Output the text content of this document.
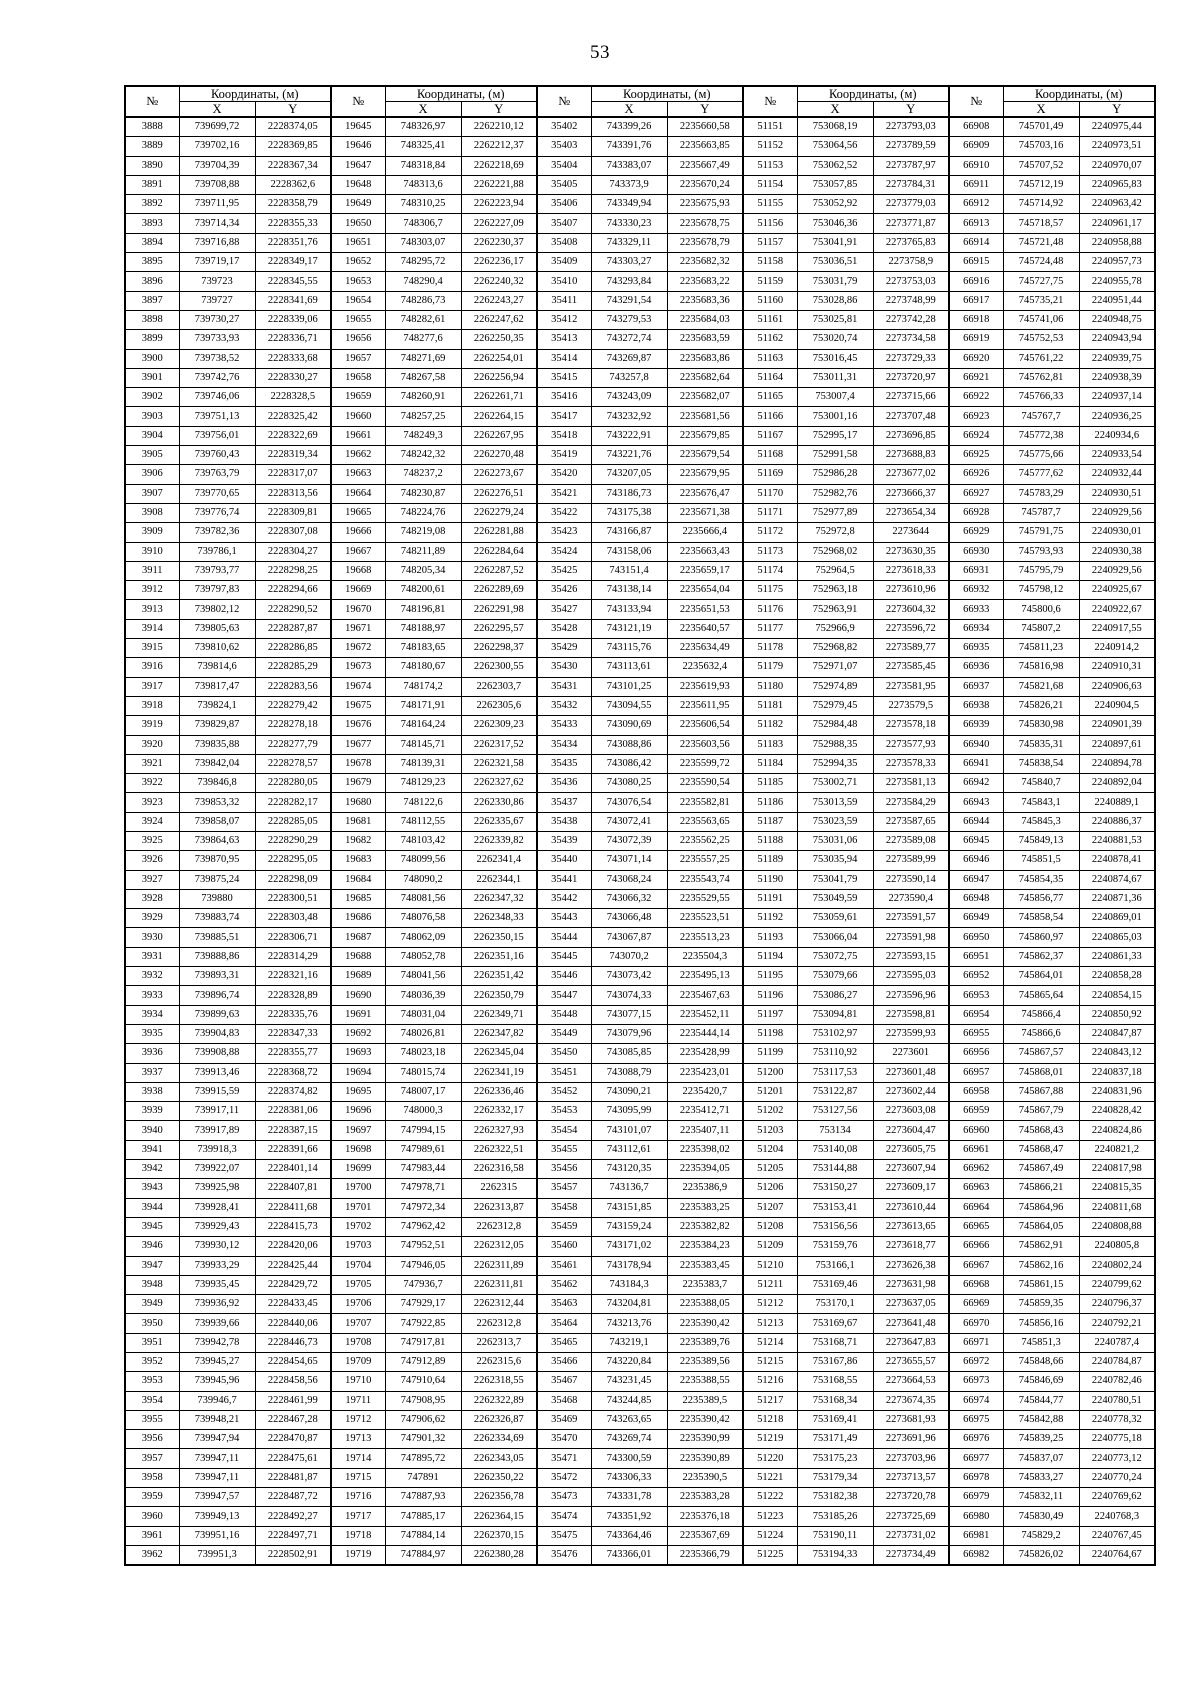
53
№	Координаты, (м)		№	Координаты, (м)		№	Координаты, (м)		№	Координаты, (м)		№	Координаты, (м)	
	X	Y		X	Y		X	Y		X	Y		X	Y
3888	739699,72	2228374,05	19645	748326,97	2262210,12	35402	743399,26	2235660,58	51151	753068,19	2273793,03	66908	745701,49	2240975,44
3889	739702,16	2228369,85	19646	748325,41	2262212,37	35403	743391,76	2235663,85	51152	753064,56	2273789,59	66909	745703,16	2240973,51
3890	739704,39	2228367,34	19647	748318,84	2262218,69	35404	743383,07	2235667,49	51153	753062,52	2273787,97	66910	745707,52	2240970,07
3891	739708,88	2228362,6	19648	748313,6	2262221,88	35405	743373,9	2235670,24	51154	753057,85	2273784,31	66911	745712,19	2240965,83
3892	739711,95	2228358,79	19649	748310,25	2262223,94	35406	743349,94	2235675,93	51155	753052,92	2273779,03	66912	745714,92	2240963,42
3893	739714,34	2228355,33	19650	748306,7	2262227,09	35407	743330,23	2235678,75	51156	753046,36	2273771,87	66913	745718,57	2240961,17
3894	739716,88	2228351,76	19651	748303,07	2262230,37	35408	743329,11	2235678,79	51157	753041,91	2273765,83	66914	745721,48	2240958,88
3895	739719,17	2228349,17	19652	748295,72	2262236,17	35409	743303,27	2235682,32	51158	753036,51	2273758,9	66915	745724,48	2240957,73
3896	739723	2228345,55	19653	748290,4	2262240,32	35410	743293,84	2235683,22	51159	753031,79	2273753,03	66916	745727,75	2240955,78
3897	739727	2228341,69	19654	748286,73	2262243,27	35411	743291,54	2235683,36	51160	753028,86	2273748,99	66917	745735,21	2240951,44
3898	739730,27	2228339,06	19655	748282,61	2262247,62	35412	743279,53	2235684,03	51161	753025,81	2273742,28	66918	745741,06	2240948,75
3899	739733,93	2228336,71	19656	748277,6	2262250,35	35413	743272,74	2235683,59	51162	753020,74	2273734,58	66919	745752,53	2240943,94
3900	739738,52	2228333,68	19657	748271,69	2262254,01	35414	743269,87	2235683,86	51163	753016,45	2273729,33	66920	745761,22	2240939,75
3901	739742,76	2228330,27	19658	748267,58	2262256,94	35415	743257,8	2235682,64	51164	753011,31	2273720,97	66921	745762,81	2240938,39
3902	739746,06	2228328,5	19659	748260,91	2262261,71	35416	743243,09	2235682,07	51165	753007,4	2273715,66	66922	745766,33	2240937,14
3903	739751,13	2228325,42	19660	748257,25	2262264,15	35417	743232,92	2235681,56	51166	753001,16	2273707,48	66923	745767,7	2240936,25
3904	739756,01	2228322,69	19661	748249,3	2262267,95	35418	743222,91	2235679,85	51167	752995,17	2273696,85	66924	745772,38	2240934,6
3905	739760,43	2228319,34	19662	748242,32	2262270,48	35419	743221,76	2235679,54	51168	752991,58	2273688,83	66925	745775,66	2240933,54
3906	739763,79	2228317,07	19663	748237,2	2262273,67	35420	743207,05	2235679,95	51169	752986,28	2273677,02	66926	745777,62	2240932,44
3907	739770,65	2228313,56	19664	748230,87	2262276,51	35421	743186,73	2235676,47	51170	752982,76	2273666,37	66927	745783,29	2240930,51
3908	739776,74	2228309,81	19665	748224,76	2262279,24	35422	743175,38	2235671,38	51171	752977,89	2273654,34	66928	745787,7	2240929,56
3909	739782,36	2228307,08	19666	748219,08	2262281,88	35423	743166,87	2235666,4	51172	752972,8	2273644	66929	745791,75	2240930,01
3910	739786,1	2228304,27	19667	748211,89	2262284,64	35424	743158,06	2235663,43	51173	752968,02	2273630,35	66930	745793,93	2240930,38
3911	739793,77	2228298,25	19668	748205,34	2262287,52	35425	743151,4	2235659,17	51174	752964,5	2273618,33	66931	745795,79	2240929,56
3912	739797,83	2228294,66	19669	748200,61	2262289,69	35426	743138,14	2235654,04	51175	752963,18	2273610,96	66932	745798,12	2240925,67
3913	739802,12	2228290,52	19670	748196,81	2262291,98	35427	743133,94	2235651,53	51176	752963,91	2273604,32	66933	745800,6	2240922,67
3914	739805,63	2228287,87	19671	748188,97	2262295,57	35428	743121,19	2235640,57	51177	752966,9	2273596,72	66934	745807,2	2240917,55
3915	739810,62	2228286,85	19672	748183,65	2262298,37	35429	743115,76	2235634,49	51178	752968,82	2273589,77	66935	745811,23	2240914,2
3916	739814,6	2228285,29	19673	748180,67	2262300,55	35430	743113,61	2235632,4	51179	752971,07	2273585,45	66936	745816,98	2240910,31
3917	739817,47	2228283,56	19674	748174,2	2262303,7	35431	743101,25	2235619,93	51180	752974,89	2273581,95	66937	745821,68	2240906,63
3918	739824,1	2228279,42	19675	748171,91	2262305,6	35432	743094,55	2235611,95	51181	752979,45	2273579,5	66938	745826,21	2240904,5
3919	739829,87	2228278,18	19676	748164,24	2262309,23	35433	743090,69	2235606,54	51182	752984,48	2273578,18	66939	745830,98	2240901,39
3920	739835,88	2228277,79	19677	748145,71	2262317,52	35434	743088,86	2235603,56	51183	752988,35	2273577,93	66940	745835,31	2240897,61
3921	739842,04	2228278,57	19678	748139,31	2262321,58	35435	743086,42	2235599,72	51184	752994,35	2273578,33	66941	745838,54	2240894,78
3922	739846,8	2228280,05	19679	748129,23	2262327,62	35436	743080,25	2235590,54	51185	753002,71	2273581,13	66942	745840,7	2240892,04
3923	739853,32	2228282,17	19680	748122,6	2262330,86	35437	743076,54	2235582,81	51186	753013,59	2273584,29	66943	745843,1	2240889,1
3924	739858,07	2228285,05	19681	748112,55	2262335,67	35438	743072,41	2235563,65	51187	753023,59	2273587,65	66944	745845,3	2240886,37
3925	739864,63	2228290,29	19682	748103,42	2262339,82	35439	743072,39	2235562,25	51188	753031,06	2273589,08	66945	745849,13	2240881,53
3926	739870,95	2228295,05	19683	748099,56	2262341,4	35440	743071,14	2235557,25	51189	753035,94	2273589,99	66946	745851,5	2240878,41
3927	739875,24	2228298,09	19684	748090,2	2262344,1	35441	743068,24	2235543,74	51190	753041,79	2273590,14	66947	745854,35	2240874,67
3928	739880	2228300,51	19685	748081,56	2262347,32	35442	743066,32	2235529,55	51191	753049,59	2273590,4	66948	745856,77	2240871,36
3929	739883,74	2228303,48	19686	748076,58	2262348,33	35443	743066,48	2235523,51	51192	753059,61	2273591,57	66949	745858,54	2240869,01
3930	739885,51	2228306,71	19687	748062,09	2262350,15	35444	743067,87	2235513,23	51193	753066,04	2273591,98	66950	745860,97	2240865,03
3931	739888,86	2228314,29	19688	748052,78	2262351,16	35445	743070,2	2235504,3	51194	753072,75	2273593,15	66951	745862,37	2240861,33
3932	739893,31	2228321,16	19689	748041,56	2262351,42	35446	743073,42	2235495,13	51195	753079,66	2273595,03	66952	745864,01	2240858,28
3933	739896,74	2228328,89	19690	748036,39	2262350,79	35447	743074,33	2235467,63	51196	753086,27	2273596,96	66953	745865,64	2240854,15
3934	739899,63	2228335,76	19691	748031,04	2262349,71	35448	743077,15	2235452,11	51197	753094,81	2273598,81	66954	745866,4	2240850,92
3935	739904,83	2228347,33	19692	748026,81	2262347,82	35449	743079,96	2235444,14	51198	753102,97	2273599,93	66955	745866,6	2240847,87
3936	739908,88	2228355,77	19693	748023,18	2262345,04	35450	743085,85	2235428,99	51199	753110,92	2273601	66956	745867,57	2240843,12
3937	739913,46	2228368,72	19694	748015,74	2262341,19	35451	743088,79	2235423,01	51200	753117,53	2273601,48	66957	745868,01	2240837,18
3938	739915,59	2228374,82	19695	748007,17	2262336,46	35452	743090,21	2235420,7	51201	753122,87	2273602,44	66958	745867,88	2240831,96
3939	739917,11	2228381,06	19696	748000,3	2262332,17	35453	743095,99	2235412,71	51202	753127,56	2273603,08	66959	745867,79	2240828,42
3940	739917,89	2228387,15	19697	747994,15	2262327,93	35454	743101,07	2235407,11	51203	753134	2273604,47	66960	745868,43	2240824,86
3941	739918,3	2228391,66	19698	747989,61	2262322,51	35455	743112,61	2235398,02	51204	753140,08	2273605,75	66961	745868,47	2240821,2
3942	739922,07	2228401,14	19699	747983,44	2262316,58	35456	743120,35	2235394,05	51205	753144,88	2273607,94	66962	745867,49	2240817,98
3943	739925,98	2228407,81	19700	747978,71	2262315	35457	743136,7	2235386,9	51206	753150,27	2273609,17	66963	745866,21	2240815,35
3944	739928,41	2228411,68	19701	747972,34	2262313,87	35458	743151,85	2235383,25	51207	753153,41	2273610,44	66964	745864,96	2240811,68
3945	739929,43	2228415,73	19702	747962,42	2262312,8	35459	743159,24	2235382,82	51208	753156,56	2273613,65	66965	745864,05	2240808,88
3946	739930,12	2228420,06	19703	747952,51	2262312,05	35460	743171,02	2235384,23	51209	753159,76	2273618,77	66966	745862,91	2240805,8
3947	739933,29	2228425,44	19704	747946,05	2262311,89	35461	743178,94	2235383,45	51210	753166,1	2273626,38	66967	745862,16	2240802,24
3948	739935,45	2228429,72	19705	747936,7	2262311,81	35462	743184,3	2235383,7	51211	753169,46	2273631,98	66968	745861,15	2240799,62
3949	739936,92	2228433,45	19706	747929,17	2262312,44	35463	743204,81	2235388,05	51212	753170,1	2273637,05	66969	745859,35	2240796,37
3950	739939,66	2228440,06	19707	747922,85	2262312,8	35464	743213,76	2235390,42	51213	753169,67	2273641,48	66970	745856,16	2240792,21
3951	739942,78	2228446,73	19708	747917,81	2262313,7	35465	743219,1	2235389,76	51214	753168,71	2273647,83	66971	745851,3	2240787,4
3952	739945,27	2228454,65	19709	747912,89	2262315,6	35466	743220,84	2235389,56	51215	753167,86	2273655,57	66972	745848,66	2240784,87
3953	739945,96	2228458,56	19710	747910,64	2262318,55	35467	743231,45	2235388,55	51216	753168,55	2273664,53	66973	745846,69	2240782,46
3954	739946,7	2228461,99	19711	747908,95	2262322,89	35468	743244,85	2235389,5	51217	753168,34	2273674,35	66974	745844,77	2240780,51
3955	739948,21	2228467,28	19712	747906,62	2262326,87	35469	743263,65	2235390,42	51218	753169,41	2273681,93	66975	745842,88	2240778,32
3956	739947,94	2228470,87	19713	747901,32	2262334,69	35470	743269,74	2235390,99	51219	753171,49	2273691,96	66976	745839,25	2240775,18
3957	739947,11	2228475,61	19714	747895,72	2262343,05	35471	743300,59	2235390,89	51220	753175,23	2273703,96	66977	745837,07	2240773,12
3958	739947,11	2228481,87	19715	747891	2262350,22	35472	743306,33	2235390,5	51221	753179,34	2273713,57	66978	745833,27	2240770,24
3959	739947,57	2228487,72	19716	747887,93	2262356,78	35473	743331,78	2235383,28	51222	753182,38	2273720,78	66979	745832,11	2240769,62
3960	739949,13	2228492,27	19717	747885,17	2262364,15	35474	743351,92	2235376,18	51223	753185,26	2273725,69	66980	745830,49	2240768,3
3961	739951,16	2228497,71	19718	747884,14	2262370,15	35475	743364,46	2235367,69	51224	753190,11	2273731,02	66981	745829,2	2240767,45
3962	739951,3	2228502,91	19719	747884,97	2262380,28	35476	743366,01	2235366,79	51225	753194,33	2273734,49	66982	745826,02	2240764,67
